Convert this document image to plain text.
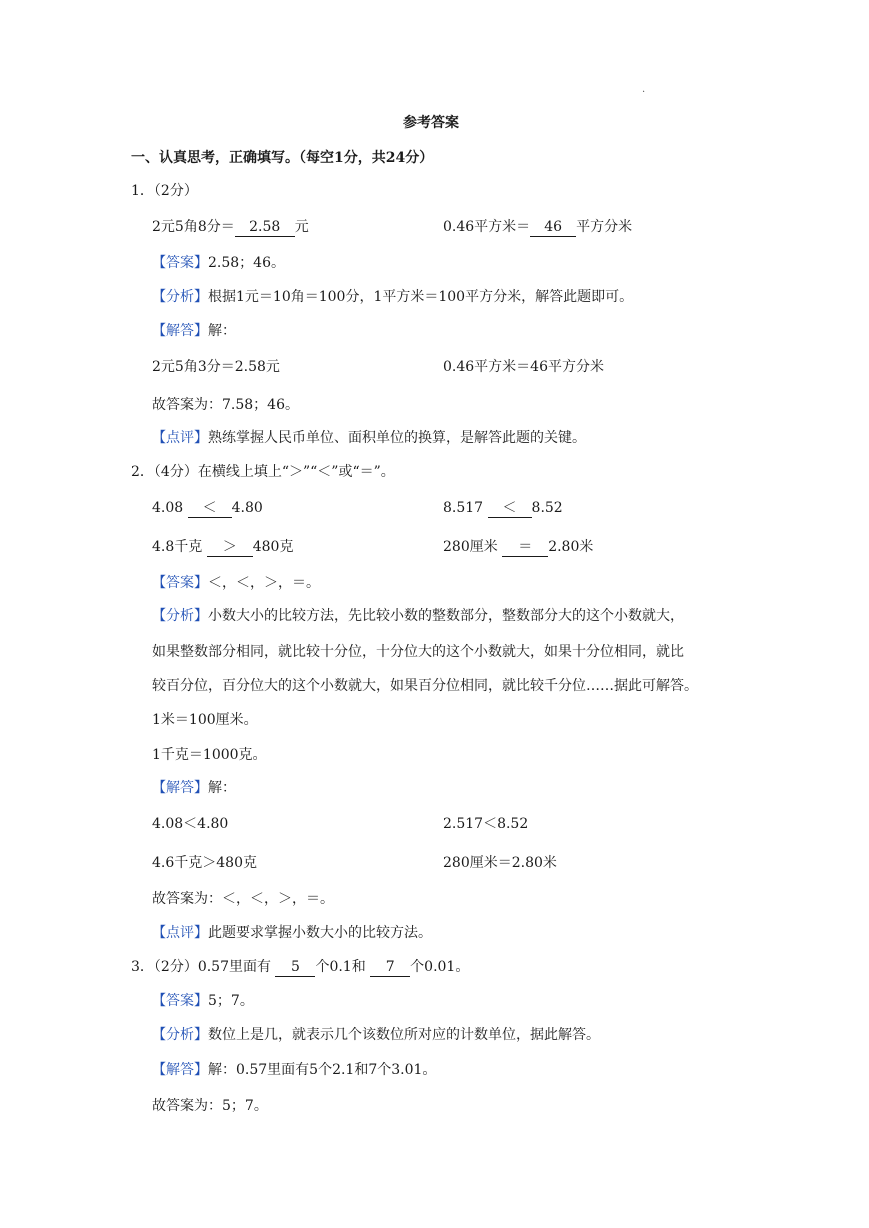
.
参考答案
一、认真思考，正确填写。（每空1分，共24分）
1．（2分）
2元5角8分＝ 2.58 元	0.46平方米＝ 46 平方分米
【答案】2.58；46。
【分析】根据1元＝10角＝100分，1平方米＝100平方分米，解答此题即可。
【解答】解：
2元5角3分＝2.58元	0.46平方米＝46平方分米
故答案为：7.58；46。
【点评】熟练掌握人民币单位、面积单位的换算，是解答此题的关键。
2．（4分）在横线上填上“＞”“＜”或“＝”。
4.08 ＜ 4.80	8.517 ＜ 8.52
4.8千克 ＞ 480克	280厘米 ＝ 2.80米
【答案】＜，＜，＞，＝。
【分析】小数大小的比较方法，先比较小数的整数部分，整数部分大的这个小数就大，
如果整数部分相同，就比较十分位，十分位大的这个小数就大，如果十分位相同，就比
较百分位，百分位大的这个小数就大，如果百分位相同，就比较千分位……据此可解答。
1米＝100厘米。
1千克＝1000克。
【解答】解：
4.08＜4.80	2.517＜8.52
4.6千克＞480克	280厘米＝2.80米
故答案为：＜，＜，＞，＝。
【点评】此题要求掌握小数大小的比较方法。
3．（2分）0.57里面有 5 个0.1和 7 个0.01。
【答案】5；7。
【分析】数位上是几，就表示几个该数位所对应的计数单位，据此解答。
【解答】解：0.57里面有5个2.1和7个3.01。
故答案为：5；7。
